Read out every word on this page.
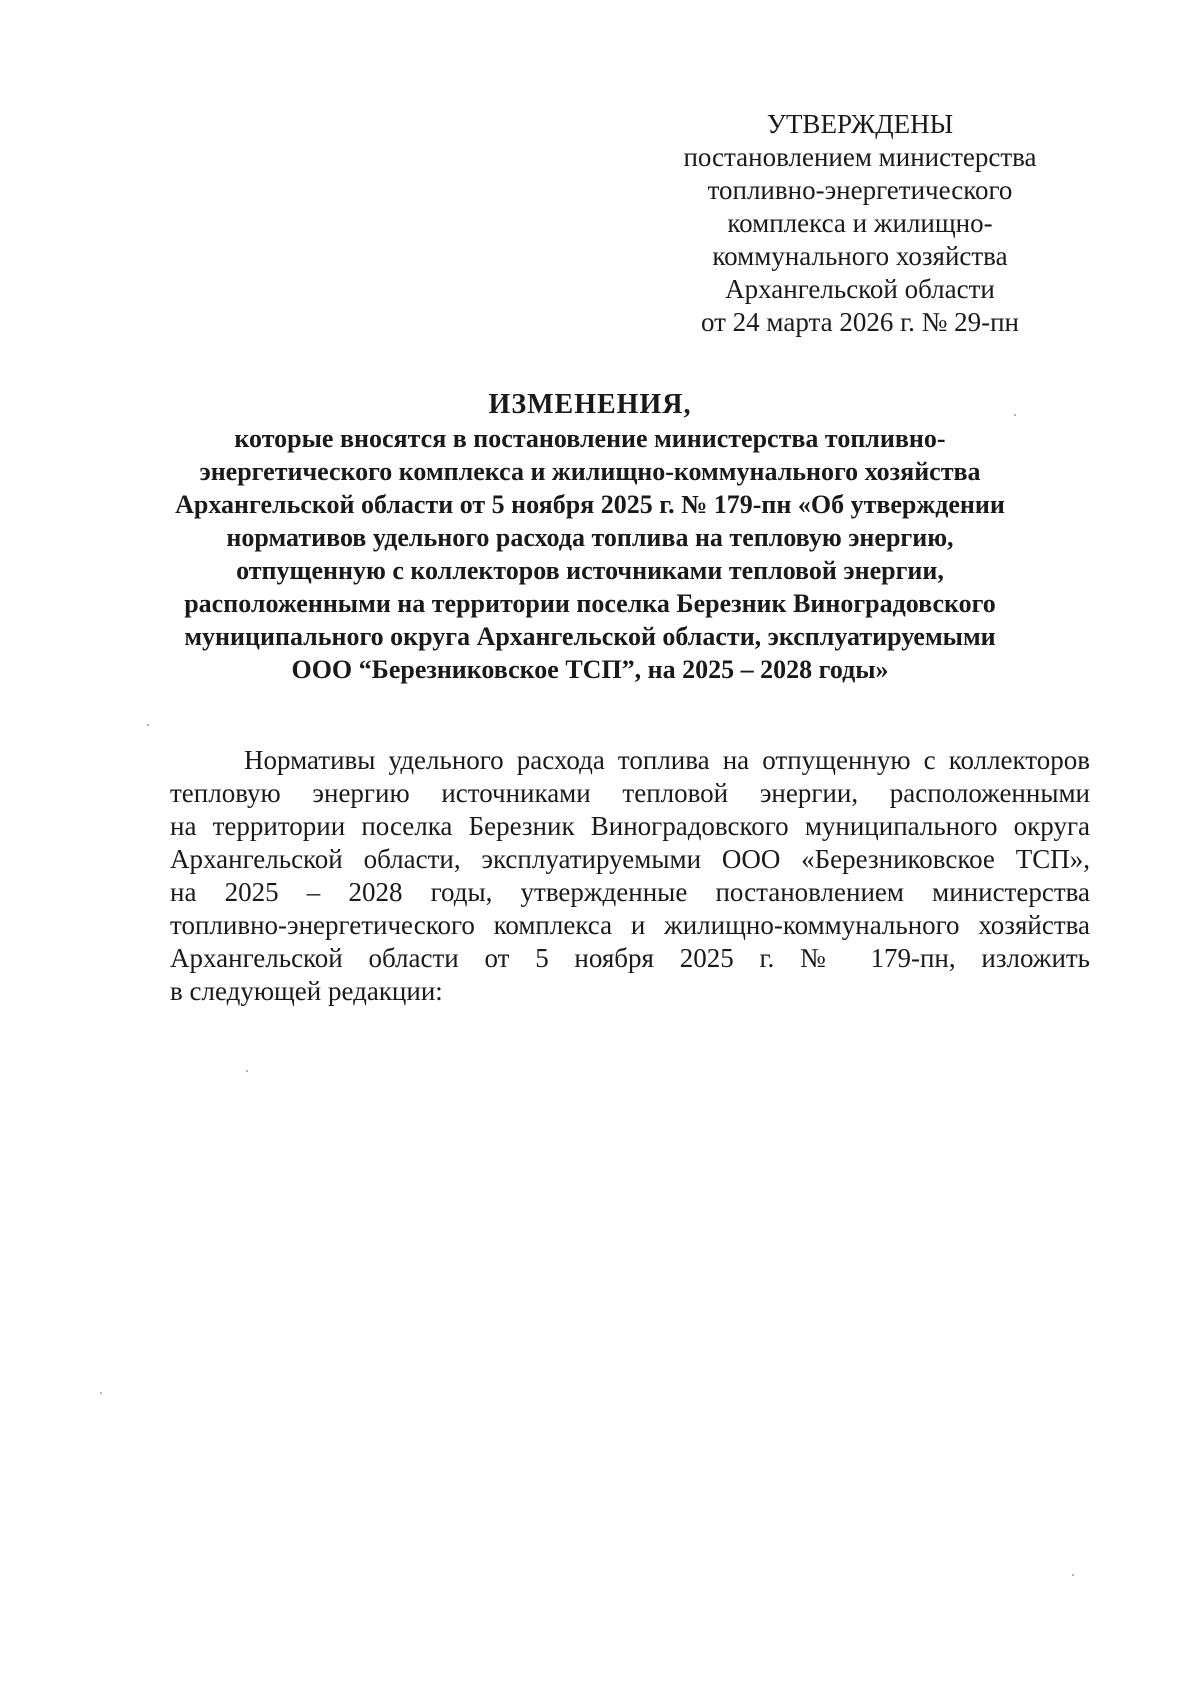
УТВЕРЖДЕНЫ
постановлением министерства
топливно-энергетического
комплекса и жилищно-
коммунального хозяйства
Архангельской области
от 24 марта 2026 г. № 29-пн
ИЗМЕНЕНИЯ,
которые вносятся в постановление министерства топливно-
энергетического комплекса и жилищно-коммунального хозяйства
Архангельской области от 5 ноября 2025 г. № 179-пн «Об утверждении
нормативов удельного расхода топлива на тепловую энергию,
отпущенную с коллекторов источниками тепловой энергии,
расположенными на территории поселка Березник Виноградовского
муниципального округа Архангельской области, эксплуатируемыми
ООО “Березниковское ТСП”, на 2025 – 2028 годы»
Нормативы удельного расхода топлива на отпущенную с коллекторов
тепловую энергию источниками тепловой энергии, расположенными
на территории поселка Березник Виноградовского муниципального округа
Архангельской области, эксплуатируемыми ООО «Березниковское ТСП»,
на 2025 – 2028 годы, утвержденные постановлением министерства
топливно-энергетического комплекса и жилищно-коммунального хозяйства
Архангельской области от 5 ноября 2025 г. № 179-пн, изложить
в следующей редакции:
